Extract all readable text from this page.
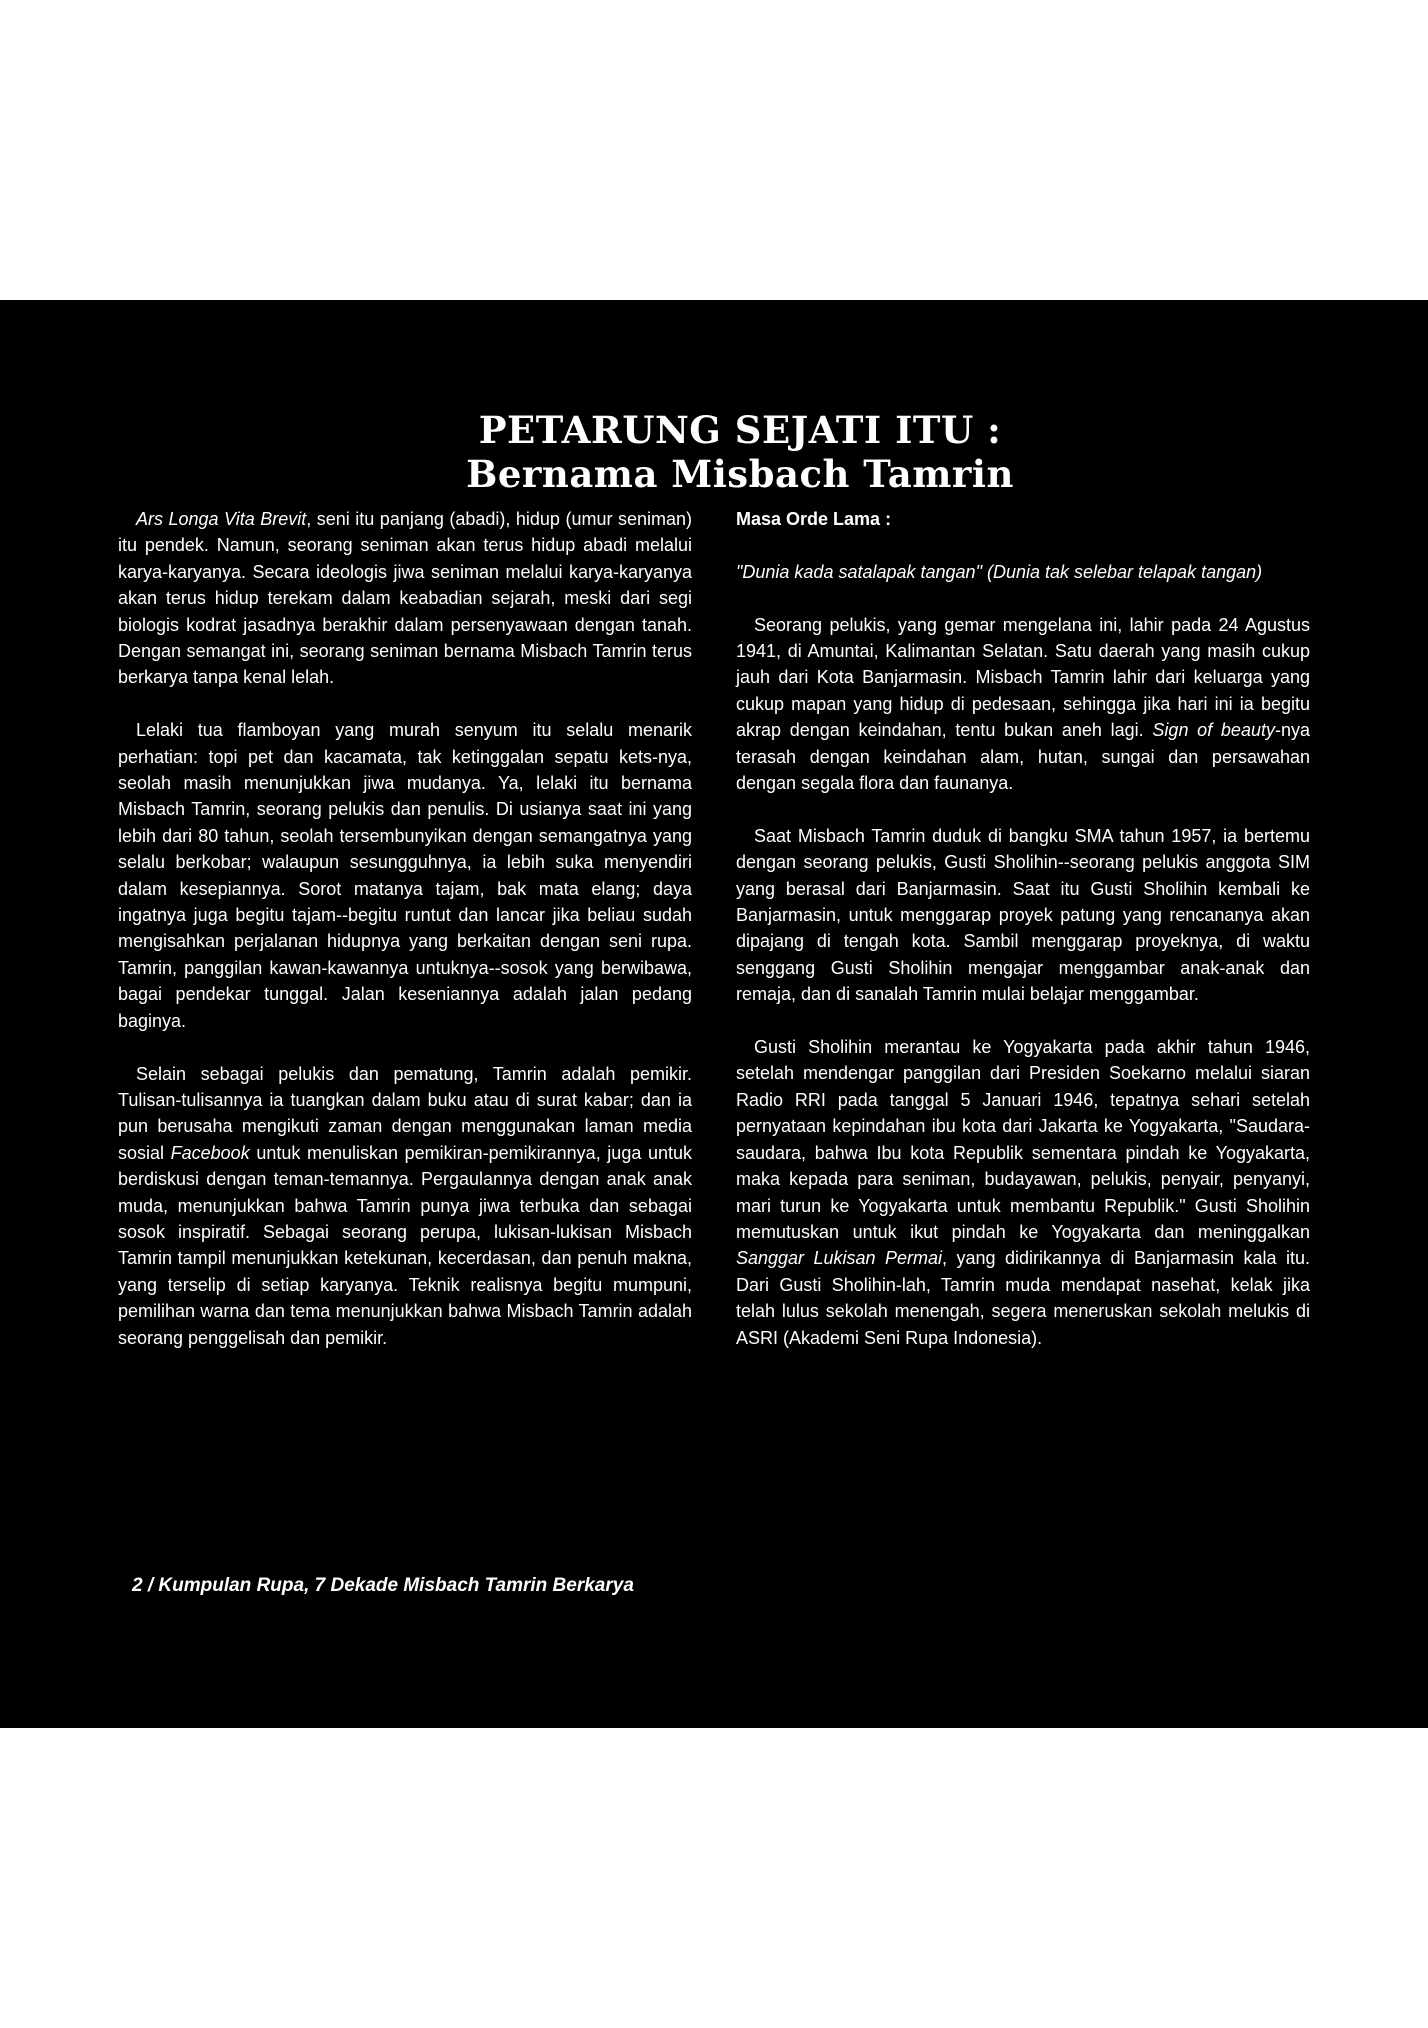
PETARUNG SEJATI ITU :
Bernama Misbach Tamrin

Ars Longa Vita Brevit, seni itu panjang (abadi), hidup (umur seniman) itu pendek. Namun, seorang seniman akan terus hidup abadi melalui karya-karyanya. Secara ideologis jiwa seniman melalui karya-karyanya akan terus hidup terekam dalam keabadian sejarah, meski dari segi biologis kodrat jasadnya berakhir dalam persenyawaan dengan tanah. Dengan semangat ini, seorang seniman bernama Misbach Tamrin terus berkarya tanpa kenal lelah.

Lelaki tua flamboyan yang murah senyum itu selalu menarik perhatian: topi pet dan kacamata, tak ketinggalan sepatu kets-nya, seolah masih menunjukkan jiwa mudanya. Ya, lelaki itu bernama Misbach Tamrin, seorang pelukis dan penulis. Di usianya saat ini yang lebih dari 80 tahun, seolah tersembunyikan dengan semangatnya yang selalu berkobar; walaupun sesungguhnya, ia lebih suka menyendiri dalam kesepiannya. Sorot matanya tajam, bak mata elang; daya ingatnya juga begitu tajam--begitu runtut dan lancar jika beliau sudah mengisahkan perjalanan hidupnya yang berkaitan dengan seni rupa. Tamrin, panggilan kawan-kawannya untuknya--sosok yang berwibawa, bagai pendekar tunggal. Jalan keseniannya adalah jalan pedang baginya.

Selain sebagai pelukis dan pematung, Tamrin adalah pemikir. Tulisan-tulisannya ia tuangkan dalam buku atau di surat kabar; dan ia pun berusaha mengikuti zaman dengan menggunakan laman media sosial Facebook untuk menuliskan pemikiran-pemikirannya, juga untuk berdiskusi dengan teman-temannya. Pergaulannya dengan anak anak muda, menunjukkan bahwa Tamrin punya jiwa terbuka dan sebagai sosok inspiratif. Sebagai seorang perupa, lukisan-lukisan Misbach Tamrin tampil menunjukkan ketekunan, kecerdasan, dan penuh makna, yang terselip di setiap karyanya. Teknik realisnya begitu mumpuni, pemilihan warna dan tema menunjukkan bahwa Misbach Tamrin adalah seorang penggelisah dan pemikir.

Masa Orde Lama :

"Dunia kada satalapak tangan" (Dunia tak selebar telapak tangan)

Seorang pelukis, yang gemar mengelana ini, lahir pada 24 Agustus 1941, di Amuntai, Kalimantan Selatan. Satu daerah yang masih cukup jauh dari Kota Banjarmasin. Misbach Tamrin lahir dari keluarga yang cukup mapan yang hidup di pedesaan, sehingga jika hari ini ia begitu akrap dengan keindahan, tentu bukan aneh lagi. Sign of beauty-nya terasah dengan keindahan alam, hutan, sungai dan persawahan dengan segala flora dan faunanya.

Saat Misbach Tamrin duduk di bangku SMA tahun 1957, ia bertemu dengan seorang pelukis, Gusti Sholihin--seorang pelukis anggota SIM yang berasal dari Banjarmasin. Saat itu Gusti Sholihin kembali ke Banjarmasin, untuk menggarap proyek patung yang rencananya akan dipajang di tengah kota. Sambil menggarap proyeknya, di waktu senggang Gusti Sholihin mengajar menggambar anak-anak dan remaja, dan di sanalah Tamrin mulai belajar menggambar.

Gusti Sholihin merantau ke Yogyakarta pada akhir tahun 1946, setelah mendengar panggilan dari Presiden Soekarno melalui siaran Radio RRI pada tanggal 5 Januari 1946, tepatnya sehari setelah pernyataan kepindahan ibu kota dari Jakarta ke Yogyakarta, "Saudara-saudara, bahwa Ibu kota Republik sementara pindah ke Yogyakarta, maka kepada para seniman, budayawan, pelukis, penyair, penyanyi, mari turun ke Yogyakarta untuk membantu Republik." Gusti Sholihin memutuskan untuk ikut pindah ke Yogyakarta dan meninggalkan Sanggar Lukisan Permai, yang didirikannya di Banjarmasin kala itu. Dari Gusti Sholihin-lah, Tamrin muda mendapat nasehat, kelak jika telah lulus sekolah menengah, segera meneruskan sekolah melukis di ASRI (Akademi Seni Rupa Indonesia).

2 / Kumpulan Rupa, 7 Dekade Misbach Tamrin Berkarya
